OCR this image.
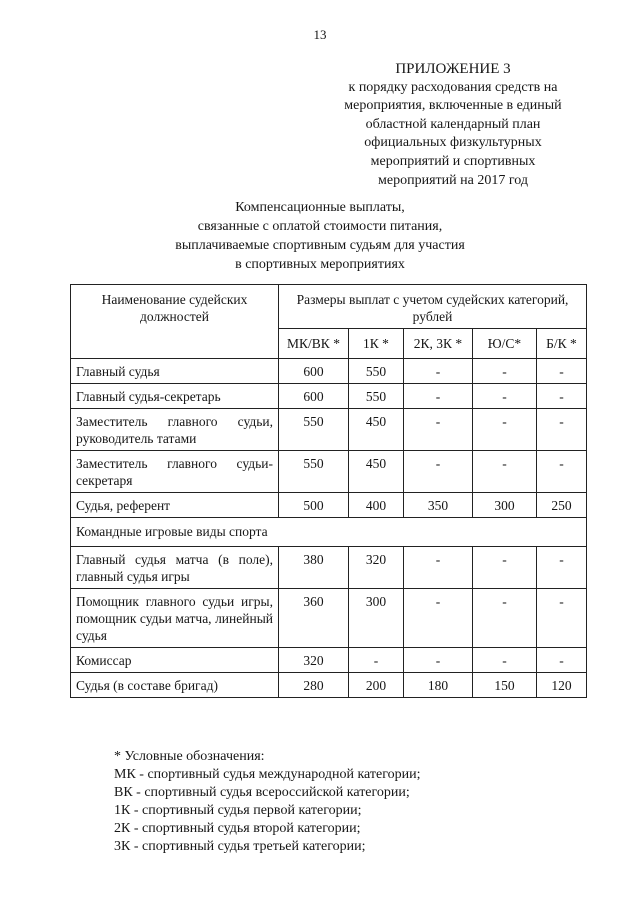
13
ПРИЛОЖЕНИЕ 3
к порядку расходования средств на
мероприятия, включенные в единый
областной календарный план
официальных физкультурных
мероприятий и спортивных
мероприятий на 2017 год
Компенсационные выплаты,
связанные с оплатой стоимости питания,
выплачиваемые спортивным судьям для участия
в спортивных мероприятиях
Наименование судейских должностей	Размеры выплат с учетом судейских категорий, рублей				
	МК/ВК *	1К *	2К, 3К *	Ю/С*	Б/К *
Главный судья	600	550	-	-	-
Главный судья-секретарь	600	550	-	-	-
Заместитель главного судьи, руководитель татами	550	450	-	-	-
Заместитель главного судьи-секретаря	550	450	-	-	-
Судья, референт	500	400	350	300	250
Командные игровые виды спорта					
Главный судья матча (в поле), главный судья игры	380	320	-	-	-
Помощник главного судьи игры, помощник судьи матча, линейный судья	360	300	-	-	-
Комиссар	320	-	-	-	-
Судья (в составе бригад)	280	200	180	150	120
* Условные обозначения:
МК - спортивный судья международной категории;
ВК - спортивный судья всероссийской категории;
1К - спортивный судья первой категории;
2К - спортивный судья второй категории;
3К - спортивный судья третьей категории;
